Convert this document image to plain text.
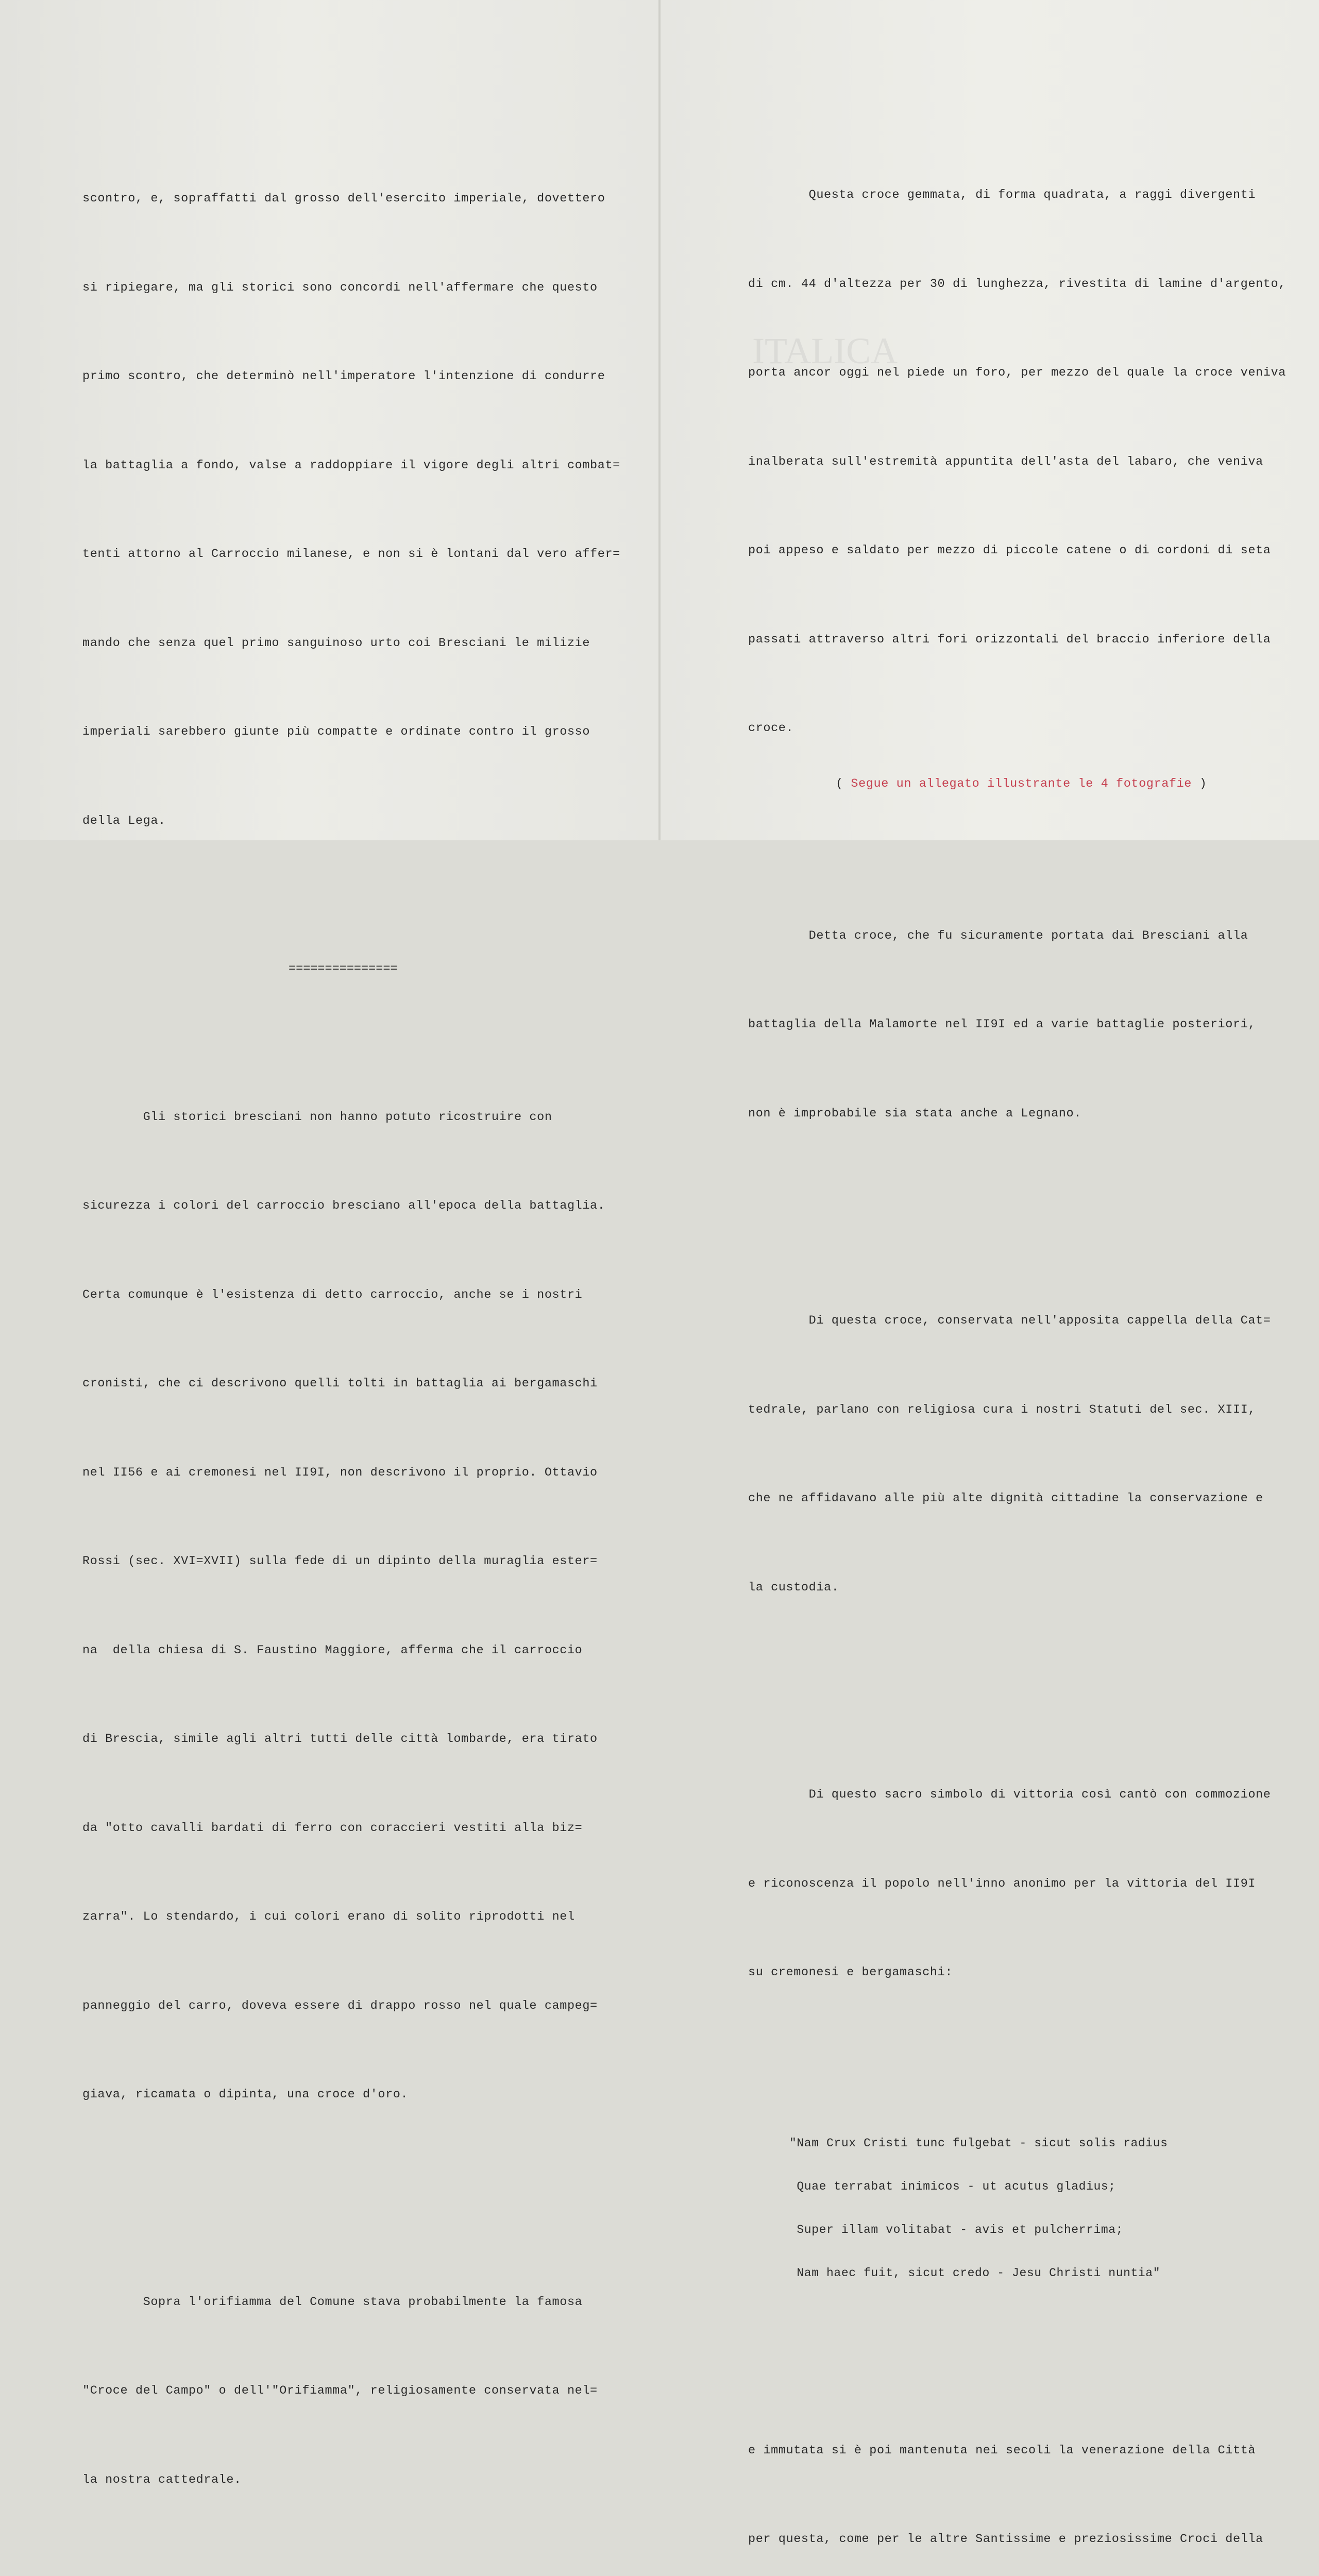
scontro, e, sopraffatti dal grosso dell'esercito imperiale, dovettero

si ripiegare, ma gli storici sono concordi nell'affermare che questo

primo scontro, che determinò nell'imperatore l'intenzione di condurre

la battaglia a fondo, valse a raddoppiare il vigore degli altri combat=

tenti attorno al Carroccio milanese, e non si è lontani dal vero affer=

mando che senza quel primo sanguinoso urto coi Bresciani le milizie

imperiali sarebbero giunte più compatte e ordinate contro il grosso

della Lega.

===============

Gli storici bresciani non hanno potuto ricostruire con

sicurezza i colori del carroccio bresciano all'epoca della battaglia.

Certa comunque è l'esistenza di detto carroccio, anche se i nostri

cronisti, che ci descrivono quelli tolti in battaglia ai bergamaschi

nel II56 e ai cremonesi nel II9I, non descrivono il proprio. Ottavio

Rossi (sec. XVI=XVII) sulla fede di un dipinto della muraglia ester=

na  della chiesa di S. Faustino Maggiore, afferma che il carroccio

di Brescia, simile agli altri tutti delle città lombarde, era tirato

da "otto cavalli bardati di ferro con coraccieri vestiti alla biz=

zarra". Lo stendardo, i cui colori erano di solito riprodotti nel

panneggio del carro, doveva essere di drappo rosso nel quale campeg=

giava, ricamata o dipinta, una croce d'oro.

Sopra l'orifiamma del Comune stava probabilmente la famosa

"Croce del Campo" o dell'"Orifiamma", religiosamente conservata nel=

la nostra cattedrale.

Questa croce gemmata, di forma quadrata, a raggi divergenti

di cm. 44 d'altezza per 30 di lunghezza, rivestita di lamine d'argento,

porta ancor oggi nel piede un foro, per mezzo del quale la croce veniva

inalberata sull'estremità appuntita dell'asta del labaro, che veniva

poi appeso e saldato per mezzo di piccole catene o di cordoni di seta

passati attraverso altri fori orizzontali del braccio inferiore della

croce.

Detta croce, che fu sicuramente portata dai Bresciani alla

battaglia della Malamorte nel II9I ed a varie battaglie posteriori,

non è improbabile sia stata anche a Legnano.

Di questa croce, conservata nell'apposita cappella della Cat=

tedrale, parlano con religiosa cura i nostri Statuti del sec. XIII,

che ne affidavano alle più alte dignità cittadine la conservazione e

la custodia.

Di questo sacro simbolo di vittoria così cantò con commozione

e riconoscenza il popolo nell'inno anonimo per la vittoria del II9I

su cremonesi e bergamaschi:

"Nam Crux Cristi tunc fulgebat - sicut solis radius

Quae terrabat inimicos - ut acutus gladius;

Super illam volitabat - avis et pulcherrima;

Nam haec fuit, sicut credo - Jesu Christi nuntia"

e immutata si è poi mantenuta nei secoli la venerazione della Città

per questa, come per le altre Santissime e preziosissime Croci della

( Segue un allegato illustrante le 4 fotografie )
